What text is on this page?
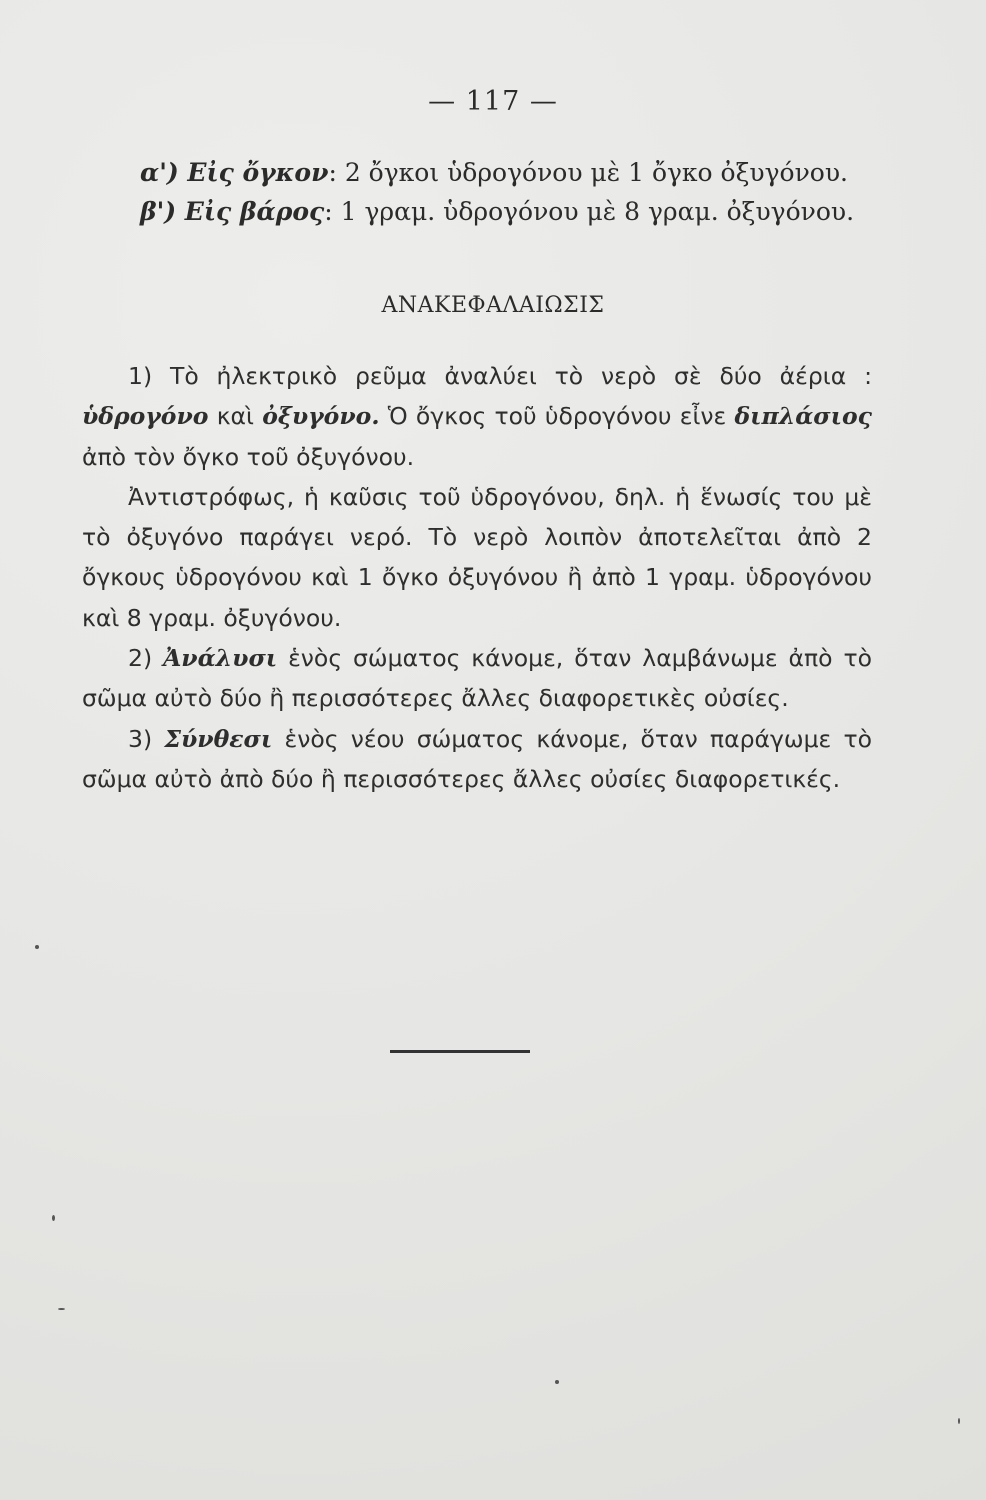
— 117 —
α') Εἰς ὄγκον: 2 ὄγκοι ὑδρογόνου μὲ 1 ὄγκο ὀξυγόνου.
β') Εἰς βάρος: 1 γραμ. ὑδρογόνου μὲ 8 γραμ. ὀξυγόνου.
ΑΝΑΚΕΦΑΛΑΙΩΣΙΣ

1) Τὸ ἠλεκτρικὸ ρεῦμα ἀναλύει τὸ νερὸ σὲ δύο ἀέρια : ὑδρογόνο καὶ ὀξυγόνο. Ὁ ὄγκος τοῦ ὑδρογόνου εἶνε διπλάσιος ἀπὸ τὸν ὄγκο τοῦ ὀξυγόνου.

Ἀντιστρόφως, ἡ καῦσις τοῦ ὑδρογόνου, δηλ. ἡ ἕνωσίς του μὲ τὸ ὀξυγόνο παράγει νερό. Τὸ νερὸ λοιπὸν ἀποτελεῖται ἀπὸ 2 ὄγκους ὑδρογόνου καὶ 1 ὄγκο ὀξυγόνου ἢ ἀπὸ 1 γραμ. ὑδρογόνου καὶ 8 γραμ. ὀξυγόνου.

2) Ἀνάλυσι ἑνὸς σώματος κάνομε, ὅταν λαμβάνωμε ἀπὸ τὸ σῶμα αὐτὸ δύο ἢ περισσότερες ἄλλες διαφορετικὲς οὐσίες.

3) Σύνθεσι ἑνὸς νέου σώματος κάνομε, ὅταν παράγωμε τὸ σῶμα αὐτὸ ἀπὸ δύο ἢ περισσότερες ἄλλες οὐσίες διαφορετικές.
